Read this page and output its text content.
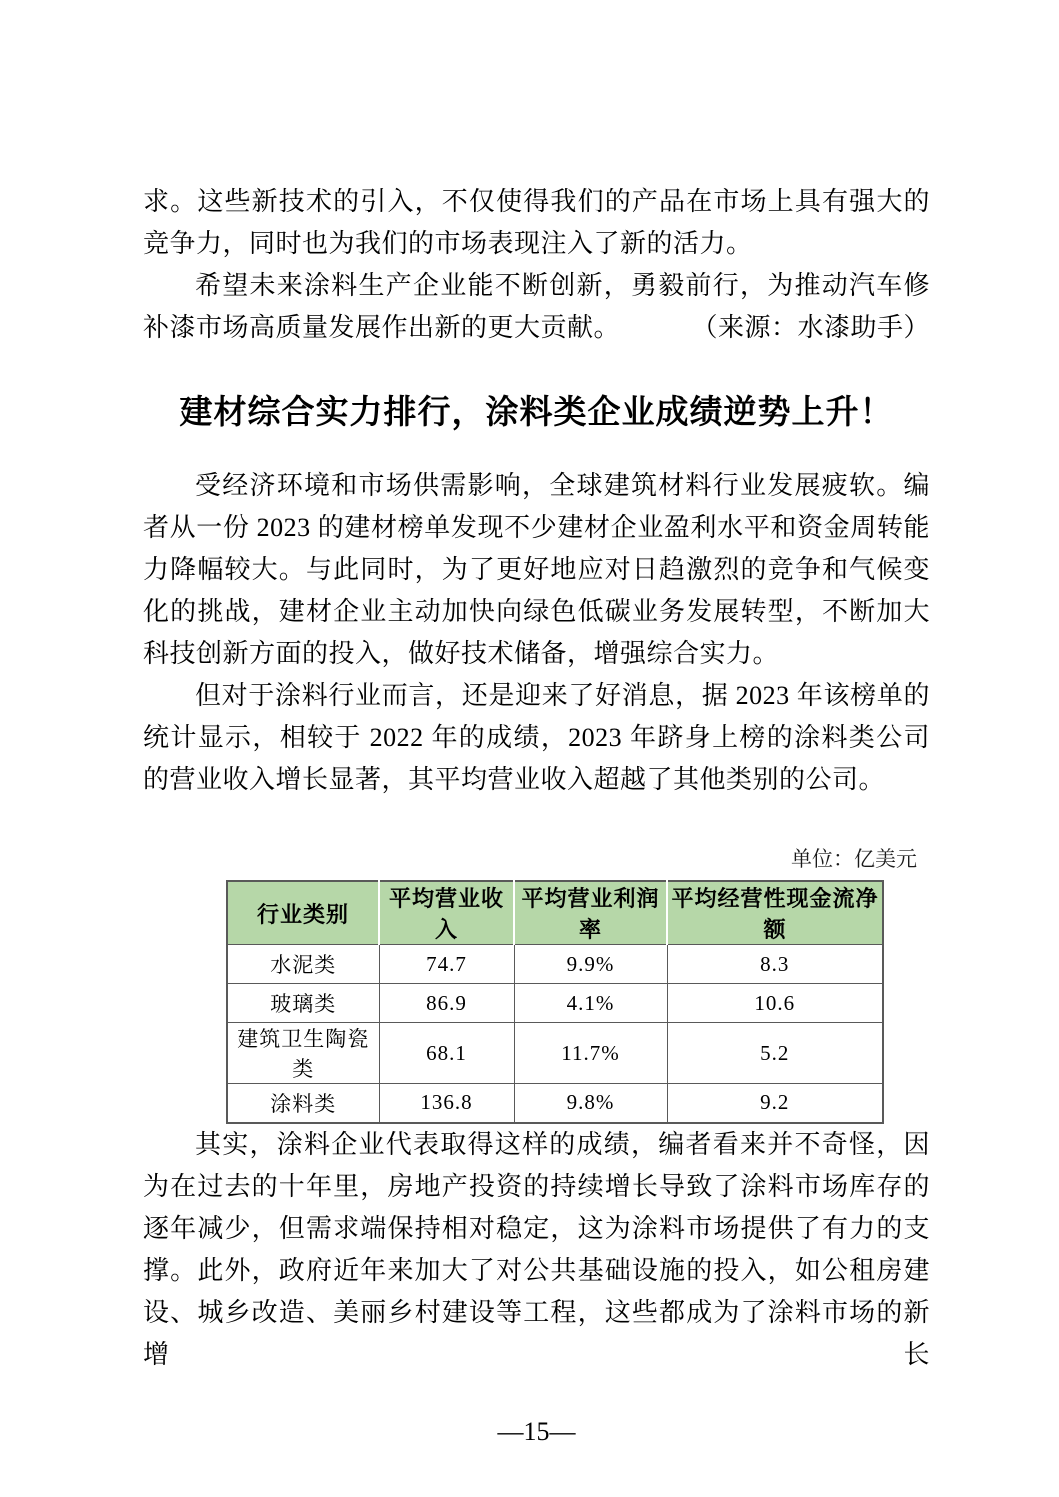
求。这些新技术的引入，不仅使得我们的产品在市场上具有强大的竞争力，同时也为我们的市场表现注入了新的活力。

希望未来涂料生产企业能不断创新，勇毅前行，为推动汽车修补漆市场高质量发展作出新的更大贡献。	（来源：水漆助手）

建材综合实力排行，涂料类企业成绩逆势上升！

受经济环境和市场供需影响，全球建筑材料行业发展疲软。编者从一份 2023 的建材榜单发现不少建材企业盈利水平和资金周转能力降幅较大。与此同时，为了更好地应对日趋激烈的竞争和气候变化的挑战，建材企业主动加快向绿色低碳业务发展转型，不断加大科技创新方面的投入，做好技术储备，增强综合实力。

但对于涂料行业而言，还是迎来了好消息，据 2023 年该榜单的统计显示，相较于 2022 年的成绩，2023 年跻身上榜的涂料类公司的营业收入增长显著，其平均营业收入超越了其他类别的公司。

单位：亿美元
行业类别	平均营业收入	平均营业利润率	平均经营性现金流净额
水泥类	74.7	9.9%	8.3
玻璃类	86.9	4.1%	10.6
建筑卫生陶瓷类	68.1	11.7%	5.2
涂料类	136.8	9.8%	9.2

其实，涂料企业代表取得这样的成绩，编者看来并不奇怪，因为在过去的十年里，房地产投资的持续增长导致了涂料市场库存的逐年减少，但需求端保持相对稳定，这为涂料市场提供了有力的支撑。此外，政府近年来加大了对公共基础设施的投入，如公租房建设、城乡改造、美丽乡村建设等工程，这些都成为了涂料市场的新增长

—15—
